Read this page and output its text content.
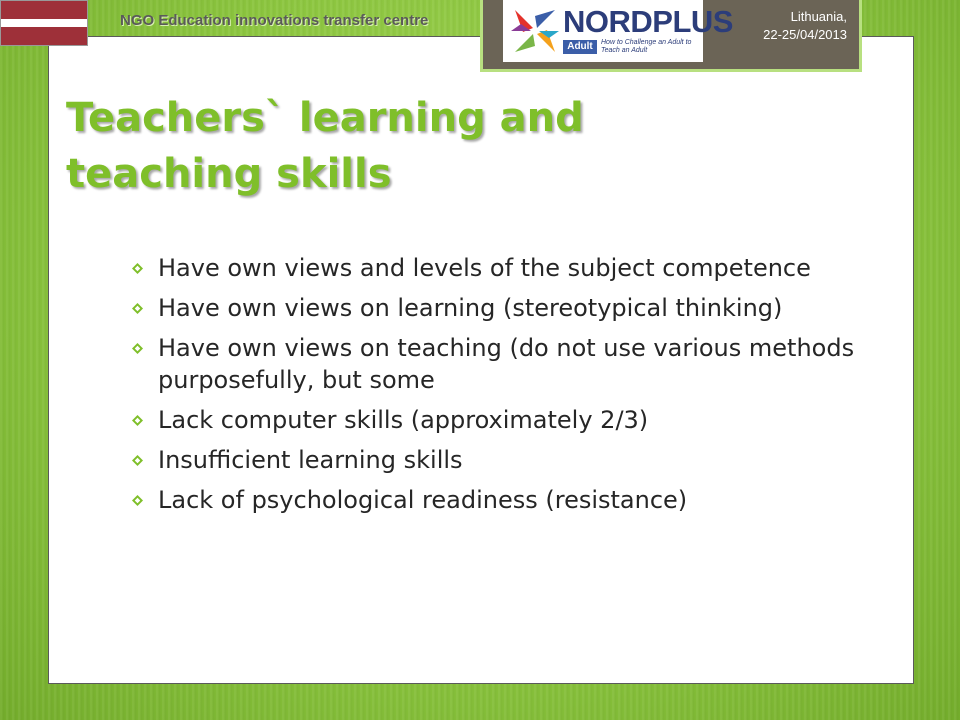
NGO Education innovations transfer centre	NORDPLUS
Adult	How to Challenge an Adult to Teach an Adult
Lithuania,
22-25/04/2013
Teachers` learning and
teaching skills
Have own views and levels of the subject competence
Have own views on learning (stereotypical thinking)
Have own views on teaching (do not use various methods purposefully, but some
Lack computer skills (approximately 2/3)
Insufficient learning skills
Lack of psychological readiness (resistance)
